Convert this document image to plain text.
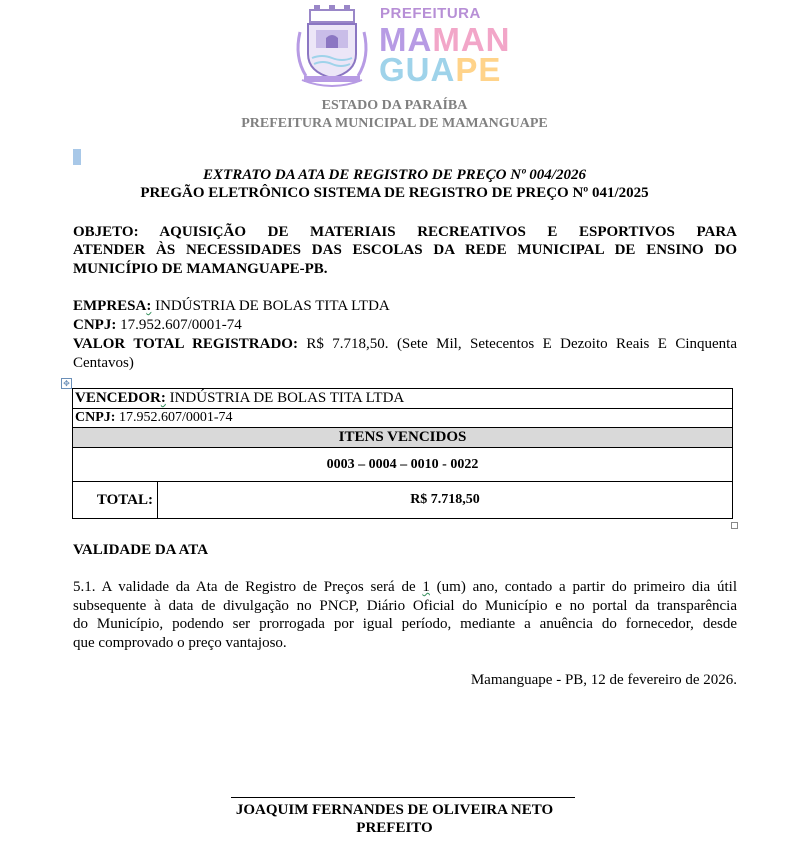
PREFEITURA
MAMAN
GUAPE
ESTADO DA PARAÍBA
PREFEITURA MUNICIPAL DE MAMANGUAPE
EXTRATO DA ATA DE REGISTRO DE PREÇO Nº 004/2026
PREGÃO ELETRÔNICO SISTEMA DE REGISTRO DE PREÇO Nº 041/2025
OBJETO: AQUISIÇÃO DE MATERIAIS RECREATIVOS E ESPORTIVOS PARA
ATENDER ÀS NECESSIDADES DAS ESCOLAS DA REDE MUNICIPAL DE ENSINO DO
MUNICÍPIO DE MAMANGUAPE-PB.
EMPRESA: INDÚSTRIA DE BOLAS TITA LTDA
CNPJ: 17.952.607/0001-74
VALOR TOTAL REGISTRADO: R$ 7.718,50. (Sete Mil, Setecentos E Dezoito Reais E Cinquenta
Centavos)
✥
VENCEDOR: INDÚSTRIA DE BOLAS TITA LTDA
CNPJ: 17.952.607/0001-74
ITENS VENCIDOS
0003 – 0004 – 0010 - 0022
TOTAL:	R$ 7.718,50
VALIDADE DA ATA
5.1. A validade da Ata de Registro de Preços será de 1 (um) ano, contado a partir do primeiro dia útil
subsequente à data de divulgação no PNCP, Diário Oficial do Município e no portal da transparência
do Município, podendo ser prorrogada por igual período, mediante a anuência do fornecedor, desde
que comprovado o preço vantajoso.
Mamanguape - PB, 12 de fevereiro de 2026.
JOAQUIM FERNANDES DE OLIVEIRA NETO
PREFEITO
